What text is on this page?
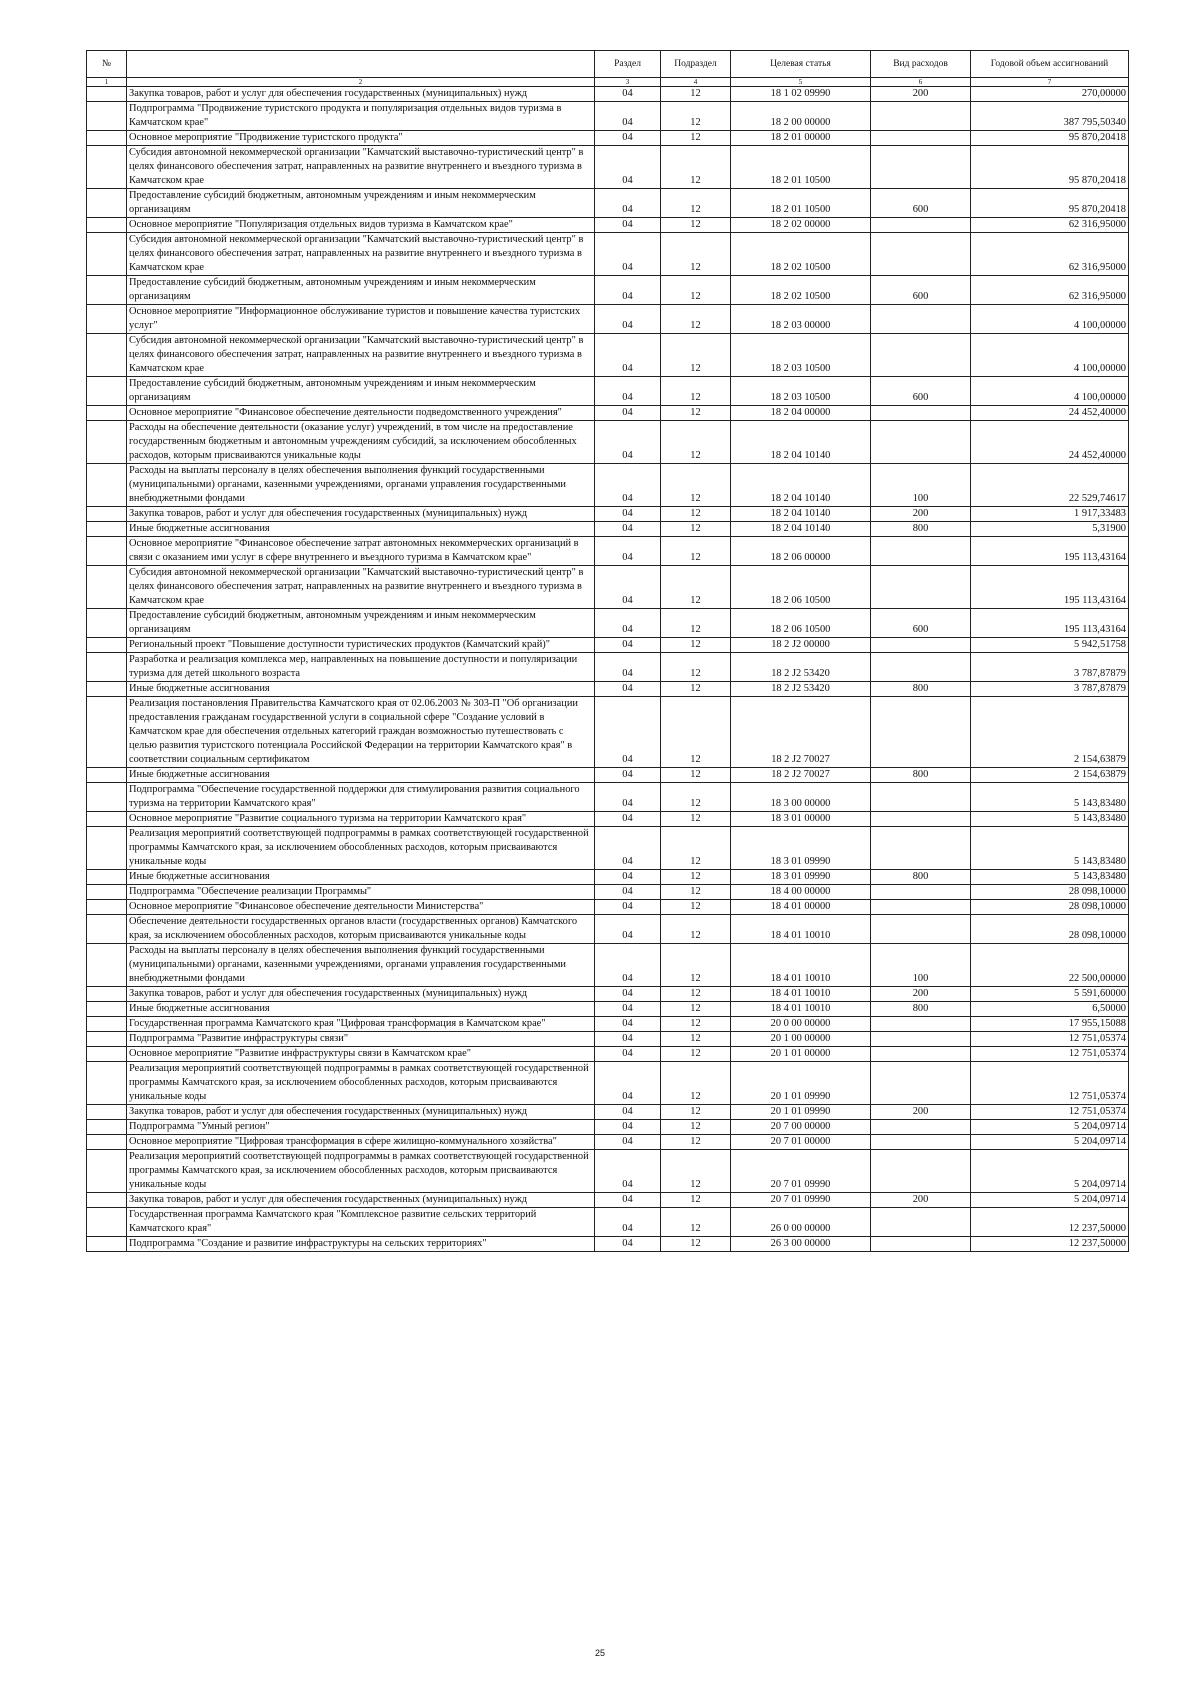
№		Раздел	Подраздел	Целевая статья	Вид расходов	Годовой объем ассигнований
1	2	3	4	5	6	7
	Закупка товаров, работ и услуг для обеспечения государственных (муниципальных) нужд	04	12	18 1 02 09990	200	270,00000
	Подпрограмма "Продвижение туристского продукта и популяризация отдельных видов туризма в Камчатском крае"	04	12	18 2 00 00000		387 795,50340
	Основное мероприятие "Продвижение туристского продукта"	04	12	18 2 01 00000		95 870,20418
	Субсидия автономной некоммерческой организации "Камчатский выставочно-туристический центр" в целях финансового обеспечения затрат, направленных на развитие внутреннего и въездного туризма в Камчатском крае	04	12	18 2 01 10500		95 870,20418
	Предоставление субсидий бюджетным, автономным учреждениям и иным некоммерческим организациям	04	12	18 2 01 10500	600	95 870,20418
	Основное мероприятие "Популяризация отдельных видов туризма в Камчатском крае"	04	12	18 2 02 00000		62 316,95000
	Субсидия автономной некоммерческой организации "Камчатский выставочно-туристический центр" в целях финансового обеспечения затрат, направленных на развитие внутреннего и въездного туризма в Камчатском крае	04	12	18 2 02 10500		62 316,95000
	Предоставление субсидий бюджетным, автономным учреждениям и иным некоммерческим организациям	04	12	18 2 02 10500	600	62 316,95000
	Основное мероприятие "Информационное обслуживание туристов и повышение качества туристских услуг"	04	12	18 2 03 00000		4 100,00000
	Субсидия автономной некоммерческой организации "Камчатский выставочно-туристический центр" в целях финансового обеспечения затрат, направленных на развитие внутреннего и въездного туризма в Камчатском крае	04	12	18 2 03 10500		4 100,00000
	Предоставление субсидий бюджетным, автономным учреждениям и иным некоммерческим организациям	04	12	18 2 03 10500	600	4 100,00000
	Основное мероприятие "Финансовое обеспечение деятельности подведомственного учреждения"	04	12	18 2 04 00000		24 452,40000
	Расходы на обеспечение деятельности (оказание услуг) учреждений, в том числе на предоставление государственным бюджетным и автономным учреждениям субсидий, за исключением обособленных расходов, которым присваиваются уникальные коды	04	12	18 2 04 10140		24 452,40000
	Расходы на выплаты персоналу в целях обеспечения выполнения функций государственными (муниципальными) органами, казенными учреждениями, органами управления государственными внебюджетными фондами	04	12	18 2 04 10140	100	22 529,74617
	Закупка товаров, работ и услуг для обеспечения государственных (муниципальных) нужд	04	12	18 2 04 10140	200	1 917,33483
	Иные бюджетные ассигнования	04	12	18 2 04 10140	800	5,31900
	Основное мероприятие "Финансовое обеспечение затрат автономных некоммерческих организаций в связи с оказанием ими услуг в сфере внутреннего и въездного туризма в Камчатском крае"	04	12	18 2 06 00000		195 113,43164
	Субсидия автономной некоммерческой организации "Камчатский выставочно-туристический центр" в целях финансового обеспечения затрат, направленных на развитие внутреннего и въездного туризма в Камчатском крае	04	12	18 2 06 10500		195 113,43164
	Предоставление субсидий бюджетным, автономным учреждениям и иным некоммерческим организациям	04	12	18 2 06 10500	600	195 113,43164
	Региональный проект "Повышение доступности туристических продуктов (Камчатский край)"	04	12	18 2 J2 00000		5 942,51758
	Разработка и реализация комплекса мер, направленных на повышение доступности и популяризации туризма для детей школьного возраста	04	12	18 2 J2 53420		3 787,87879
	Иные бюджетные ассигнования	04	12	18 2 J2 53420	800	3 787,87879
	Реализация постановления Правительства Камчатского края от 02.06.2003 № 303-П "Об организации предоставления гражданам государственной услуги в социальной сфере "Создание условий в Камчатском крае для обеспечения отдельных категорий граждан возможностью путешествовать с целью развития туристского потенциала Российской Федерации на территории Камчатского края" в соответствии социальным сертификатом	04	12	18 2 J2 70027		2 154,63879
	Иные бюджетные ассигнования	04	12	18 2 J2 70027	800	2 154,63879
	Подпрограмма "Обеспечение государственной поддержки для стимулирования развития социального туризма на территории Камчатского края"	04	12	18 3 00 00000		5 143,83480
	Основное мероприятие "Развитие социального туризма на территории Камчатского края"	04	12	18 3 01 00000		5 143,83480
	Реализация мероприятий соответствующей подпрограммы в рамках соответствующей государственной программы Камчатского края, за исключением обособленных расходов, которым присваиваются уникальные коды	04	12	18 3 01 09990		5 143,83480
	Иные бюджетные ассигнования	04	12	18 3 01 09990	800	5 143,83480
	Подпрограмма "Обеспечение реализации Программы"	04	12	18 4 00 00000		28 098,10000
	Основное мероприятие "Финансовое обеспечение деятельности Министерства"	04	12	18 4 01 00000		28 098,10000
	Обеспечение деятельности государственных органов власти (государственных органов) Камчатского края, за исключением обособленных расходов, которым присваиваются уникальные коды	04	12	18 4 01 10010		28 098,10000
	Расходы на выплаты персоналу в целях обеспечения выполнения функций государственными (муниципальными) органами, казенными учреждениями, органами управления государственными внебюджетными фондами	04	12	18 4 01 10010	100	22 500,00000
	Закупка товаров, работ и услуг для обеспечения государственных (муниципальных) нужд	04	12	18 4 01 10010	200	5 591,60000
	Иные бюджетные ассигнования	04	12	18 4 01 10010	800	6,50000
	Государственная программа Камчатского края "Цифровая трансформация в Камчатском крае"	04	12	20 0 00 00000		17 955,15088
	Подпрограмма "Развитие инфраструктуры связи"	04	12	20 1 00 00000		12 751,05374
	Основное мероприятие "Развитие инфраструктуры связи в Камчатском крае"	04	12	20 1 01 00000		12 751,05374
	Реализация мероприятий соответствующей подпрограммы в рамках соответствующей государственной программы Камчатского края, за исключением обособленных расходов, которым присваиваются уникальные коды	04	12	20 1 01 09990		12 751,05374
	Закупка товаров, работ и услуг для обеспечения государственных (муниципальных) нужд	04	12	20 1 01 09990	200	12 751,05374
	Подпрограмма "Умный регион"	04	12	20 7 00 00000		5 204,09714
	Основное мероприятие "Цифровая трансформация в сфере жилищно-коммунального хозяйства"	04	12	20 7 01 00000		5 204,09714
	Реализация мероприятий соответствующей подпрограммы в рамках соответствующей государственной программы Камчатского края, за исключением обособленных расходов, которым присваиваются уникальные коды	04	12	20 7 01 09990		5 204,09714
	Закупка товаров, работ и услуг для обеспечения государственных (муниципальных) нужд	04	12	20 7 01 09990	200	5 204,09714
	Государственная программа Камчатского края "Комплексное развитие сельских территорий Камчатского края"	04	12	26 0 00 00000		12 237,50000
	Подпрограмма "Создание и развитие инфраструктуры на сельских территориях"	04	12	26 3 00 00000		12 237,50000
25
